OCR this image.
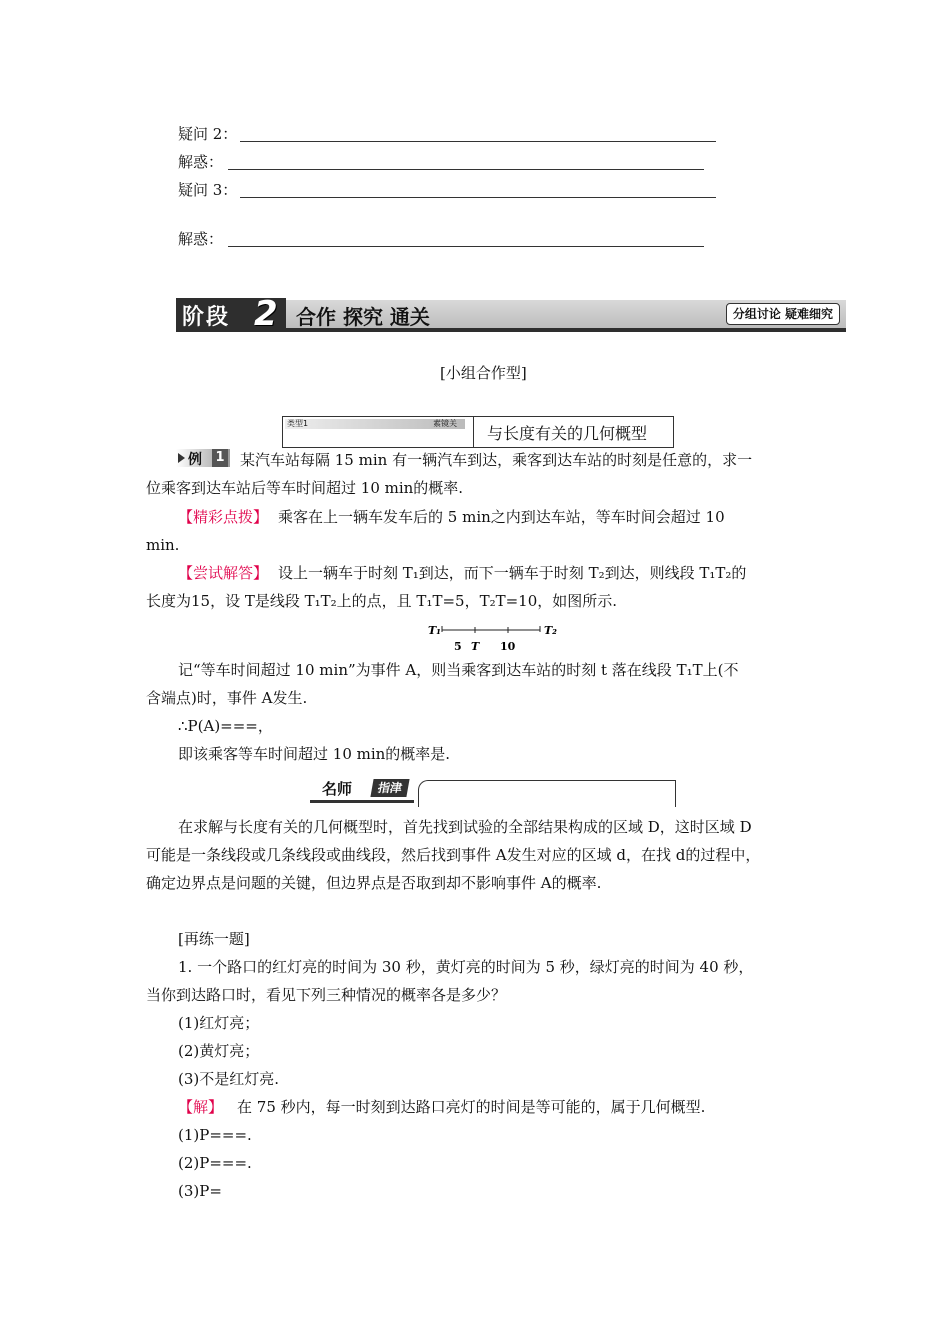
疑问 2：
解惑：
疑问 3：
解惑：
阶段 2 合作 探究 通关	分组讨论 疑难细究
[小组合作型]
类型1	素镜关
与长度有关的几何概型
例 1 某汽车站每隔 15 min 有一辆汽车到达，乘客到达车站的时刻是任意的，求一
位乘客到达车站后等车时间超过 10 min的概率.
【精彩点拨】 乘客在上一辆车发车后的 5 min之内到达车站，等车时间会超过 10
min.
【尝试解答】 设上一辆车于时刻 T₁到达，而下一辆车于时刻 T₂到达，则线段 T₁T₂的
长度为15，设 T是线段 T₁T₂上的点，且 T₁T=5，T₂T=10，如图所示.
T₁	T₂
5 T 10
记“等车时间超过 10 min”为事件 A，则当乘客到达车站的时刻 t 落在线段 T₁T上(不
含端点)时，事件 A发生.
∴P(A)===，
即该乘客等车时间超过 10 min的概率是.
名师	指津
在求解与长度有关的几何概型时，首先找到试验的全部结果构成的区域 D，这时区域 D
可能是一条线段或几条线段或曲线段，然后找到事件 A发生对应的区域 d，在找 d的过程中，
确定边界点是问题的关键，但边界点是否取到却不影响事件 A的概率.
[再练一题]
1. 一个路口的红灯亮的时间为 30 秒，黄灯亮的时间为 5 秒，绿灯亮的时间为 40 秒，
当你到达路口时，看见下列三种情况的概率各是多少？
(1)红灯亮；
(2)黄灯亮；
(3)不是红灯亮.
【解】 在 75 秒内，每一时刻到达路口亮灯的时间是等可能的，属于几何概型.
(1)P===.
(2)P===.
(3)P=
